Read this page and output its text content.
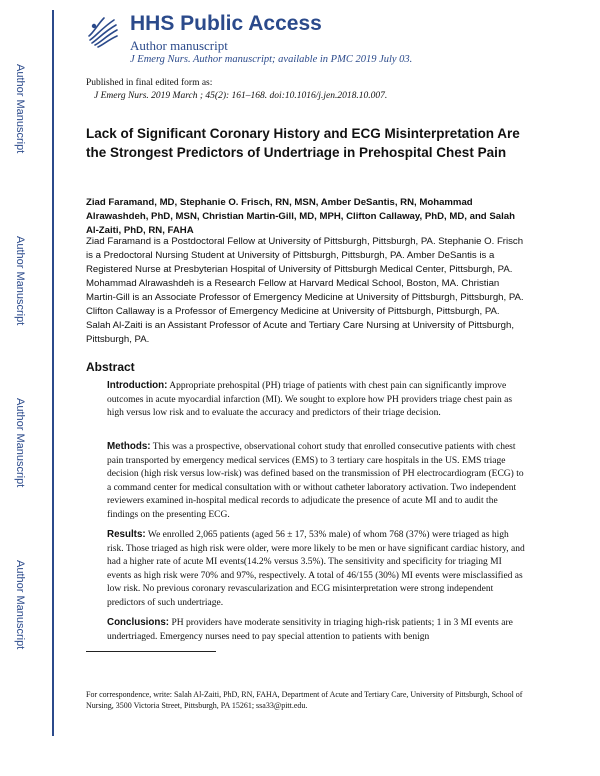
Author Manuscript
Author Manuscript
Author Manuscript
Author Manuscript
HHS Public Access
Author manuscript
J Emerg Nurs. Author manuscript; available in PMC 2019 July 03.
Published in final edited form as:
J Emerg Nurs. 2019 March ; 45(2): 161–168. doi:10.1016/j.jen.2018.10.007.
Lack of Significant Coronary History and ECG Misinterpretation Are the Strongest Predictors of Undertriage in Prehospital Chest Pain
Ziad Faramand, MD, Stephanie O. Frisch, RN, MSN, Amber DeSantis, RN, Mohammad Alrawashdeh, PhD, MSN, Christian Martin-Gill, MD, MPH, Clifton Callaway, PhD, MD, and Salah Al-Zaiti, PhD, RN, FAHA
Ziad Faramand is a Postdoctoral Fellow at University of Pittsburgh, Pittsburgh, PA. Stephanie O. Frisch is a Predoctoral Nursing Student at University of Pittsburgh, Pittsburgh, PA. Amber DeSantis is a Registered Nurse at Presbyterian Hospital of University of Pittsburgh Medical Center, Pittsburgh, PA. Mohammad Alrawashdeh is a Research Fellow at Harvard Medical School, Boston, MA. Christian Martin-Gill is an Associate Professor of Emergency Medicine at University of Pittsburgh, Pittsburgh, PA. Clifton Callaway is a Professor of Emergency Medicine at University of Pittsburgh, Pittsburgh, PA. Salah Al-Zaiti is an Assistant Professor of Acute and Tertiary Care Nursing at University of Pittsburgh, Pittsburgh, PA.
Abstract
Introduction: Appropriate prehospital (PH) triage of patients with chest pain can significantly improve outcomes in acute myocardial infarction (MI). We sought to explore how PH providers triage chest pain as high versus low risk and to evaluate the accuracy and predictors of their triage decision.
Methods: This was a prospective, observational cohort study that enrolled consecutive patients with chest pain transported by emergency medical services (EMS) to 3 tertiary care hospitals in the US. EMS triage decision (high risk versus low-risk) was defined based on the transmission of PH electrocardiogram (ECG) to a command center for medical consultation with or without catheter laboratory activation. Two independent reviewers examined in-hospital medical records to adjudicate the presence of acute MI and to audit the findings on the presenting ECG.
Results: We enrolled 2,065 patients (aged 56 ± 17, 53% male) of whom 768 (37%) were triaged as high risk. Those triaged as high risk were older, were more likely to be men or have significant cardiac history, and had a higher rate of acute MI events(14.2% versus 3.5%). The sensitivity and specificity for triaging MI events as high risk were 70% and 97%, respectively. A total of 46/155 (30%) MI events were misclassified as low risk. No previous coronary revascularization and ECG misinterpretation were strong independent predictors of such undertriage.
Conclusions: PH providers have moderate sensitivity in triaging high-risk patients; 1 in 3 MI events are undertriaged. Emergency nurses need to pay special attention to patients with benign
For correspondence, write: Salah Al-Zaiti, PhD, RN, FAHA, Department of Acute and Tertiary Care, University of Pittsburgh, School of Nursing, 3500 Victoria Street, Pittsburgh, PA 15261; ssa33@pitt.edu.
